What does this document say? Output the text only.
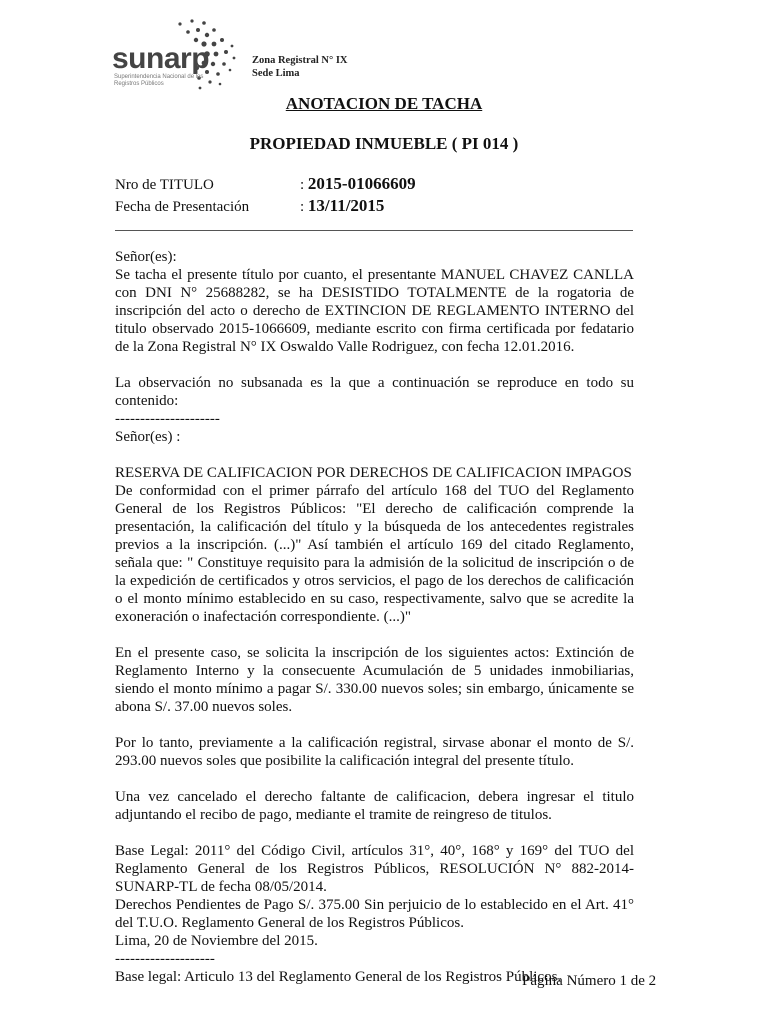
sunarp
Superintendencia Nacional de los Registros Públicos
Zona Registral N° IX
Sede Lima
ANOTACION DE TACHA
PROPIEDAD INMUEBLE ( PI 014 )
Nro de TITULO	: 2015-01066609
Fecha de Presentación	: 13/11/2015

Señor(es):

Se tacha el presente título por cuanto, el presentante MANUEL CHAVEZ CANLLA con DNI N° 25688282, se ha DESISTIDO TOTALMENTE de la rogatoria de inscripción del acto o derecho de EXTINCION DE REGLAMENTO INTERNO del titulo observado 2015-1066609, mediante escrito con firma certificada por fedatario de la Zona Registral N° IX Oswaldo Valle Rodriguez, con fecha 12.01.2016.

La observación no subsanada es la que a continuación se reproduce en todo su contenido:

---------------------

Señor(es) :

RESERVA DE CALIFICACION POR DERECHOS DE CALIFICACION IMPAGOS

De conformidad con el primer párrafo del artículo 168 del TUO del Reglamento General de los Registros Públicos: "El derecho de calificación comprende la presentación, la calificación del título y la búsqueda de los antecedentes registrales previos a la inscripción. (...)" Así también el artículo 169 del citado Reglamento, señala que: " Constituye requisito para la admisión de la solicitud de inscripción o de la expedición de certificados y otros servicios, el pago de los derechos de calificación o el monto mínimo establecido en su caso, respectivamente, salvo que se acredite la exoneración o inafectación correspondiente. (...)"

En el presente caso, se solicita la inscripción de los siguientes actos: Extinción de Reglamento Interno y la consecuente Acumulación de 5 unidades inmobiliarias, siendo el monto mínimo a pagar S/. 330.00 nuevos soles; sin embargo, únicamente se abona S/. 37.00 nuevos soles.

Por lo tanto, previamente a la calificación registral, sirvase abonar el monto de S/. 293.00 nuevos soles que posibilite la calificación integral del presente título.

Una vez cancelado el derecho faltante de calificacion, debera ingresar el titulo adjuntando el recibo de pago, mediante el tramite de reingreso de titulos.

Base Legal: 2011° del Código Civil, artículos 31°, 40°, 168° y 169° del TUO del Reglamento General de los Registros Públicos, RESOLUCIÓN N° 882-2014-SUNARP-TL de fecha 08/05/2014.

Derechos Pendientes de Pago S/. 375.00 Sin perjuicio de lo establecido en el Art. 41° del T.U.O. Reglamento General de los Registros Públicos.

Lima, 20 de Noviembre del 2015.

--------------------

Base legal: Articulo 13 del Reglamento General de los Registros Públicos.

Página Número 1 de 2
